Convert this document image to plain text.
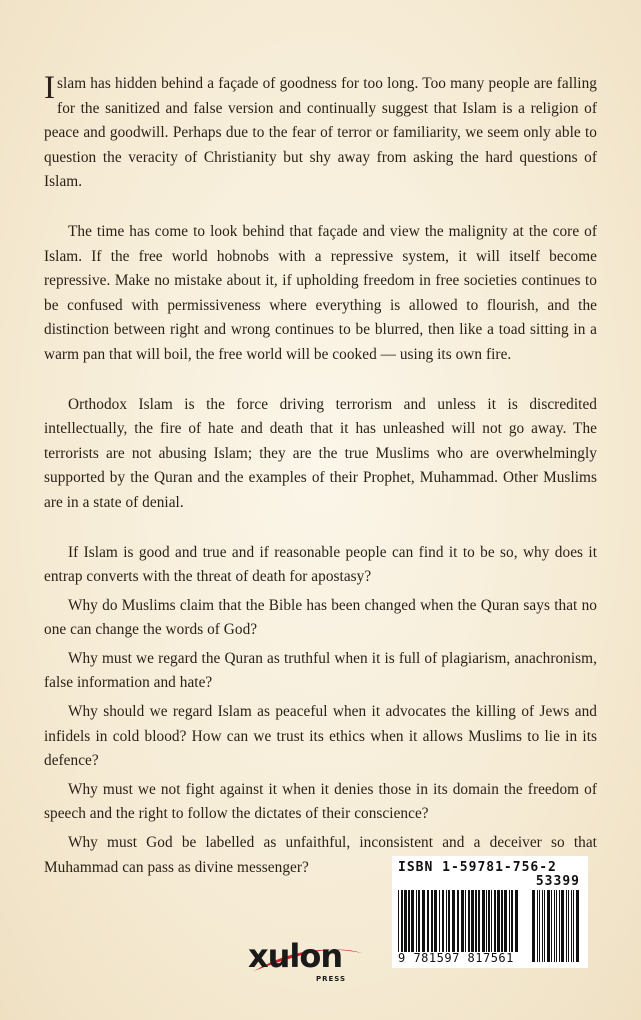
Islam has hidden behind a façade of goodness for too long. Too many people are falling for the sanitized and false version and continually suggest that Islam is a religion of peace and goodwill. Perhaps due to the fear of terror or familiarity, we seem only able to question the veracity of Christianity but shy away from asking the hard questions of Islam.

The time has come to look behind that façade and view the malignity at the core of Islam. If the free world hobnobs with a repressive system, it will itself become repressive. Make no mistake about it, if upholding freedom in free societies continues to be confused with permissiveness where everything is allowed to flourish, and the distinction between right and wrong continues to be blurred, then like a toad sitting in a warm pan that will boil, the free world will be cooked — using its own fire.

Orthodox Islam is the force driving terrorism and unless it is discredited intellectually, the fire of hate and death that it has unleashed will not go away. The terrorists are not abusing Islam; they are the true Muslims who are overwhelmingly supported by the Quran and the examples of their Prophet, Muhammad. Other Muslims are in a state of denial.

If Islam is good and true and if reasonable people can find it to be so, why does it entrap converts with the threat of death for apostasy?

Why do Muslims claim that the Bible has been changed when the Quran says that no one can change the words of God?

Why must we regard the Quran as truthful when it is full of plagiarism, anachronism, false information and hate?

Why should we regard Islam as peaceful when it advocates the killing of Jews and infidels in cold blood? How can we trust its ethics when it allows Muslims to lie in its defence?

Why must we not fight against it when it denies those in its domain the freedom of speech and the right to follow the dictates of their conscience?

Why must God be labelled as unfaithful, inconsistent and a deceiver so that Muhammad can pass as divine messenger?	ISBN 1-59781-756-2
53399
9 781597 817561
xulon
PRESS
